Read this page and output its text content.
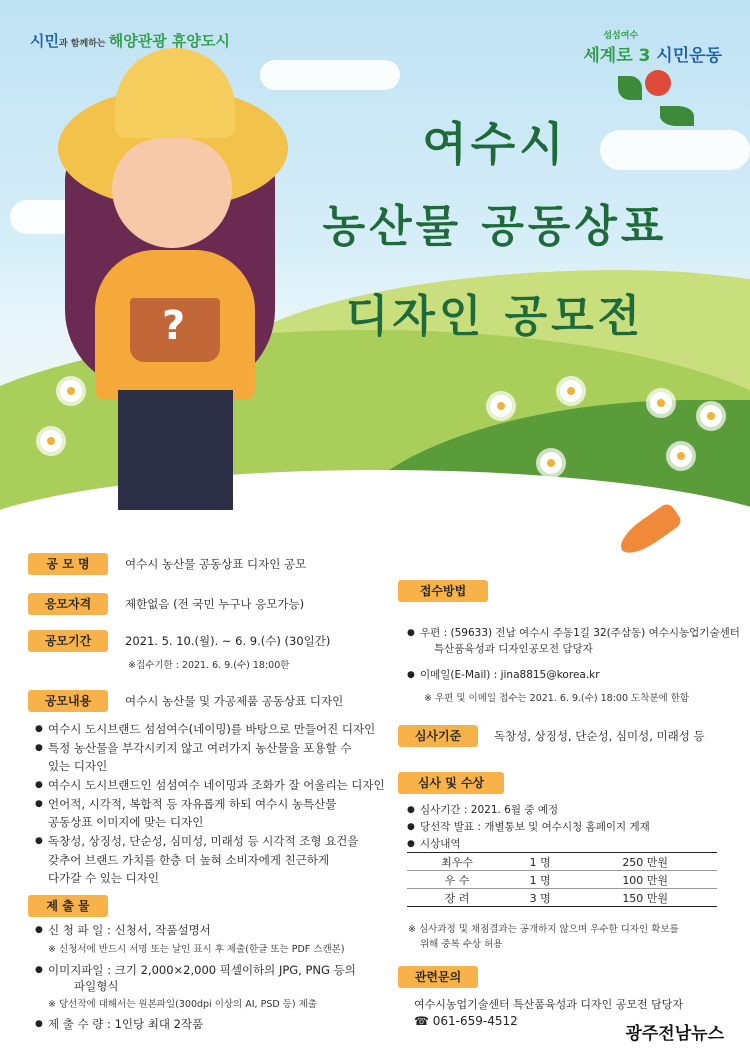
?
시민과 함께하는 해양관광 휴양도시	섬섬여수
세계로 3 시민운동
여수시
농산물 공동상표
디자인 공모전
공 모 명	여수시 농산물 공동상표 디자인 공모
응모자격	제한없음 (전 국민 누구나 응모가능)
공모기간	2021. 5. 10.(월). ~ 6. 9.(수) (30일간)
※접수기한 : 2021. 6. 9.(수) 18:00한
공모내용	여수시 농산물 및 가공제품 공동상표 디자인
● 여수시 도시브랜드 섬섬여수(네이밍)를 바탕으로 만들어진 디자인
● 특정 농산물을 부각시키지 않고 여러가지 농산물을 포용할 수
있는 디자인
● 여수시 도시브랜드인 섬섬여수 네이밍과 조화가 잘 어울리는 디자인
● 언어적, 시각적, 복합적 등 자유롭게 하되 여수시 농특산물
공동상표 이미지에 맞는 디자인
● 독창성, 상징성, 단순성, 심미성, 미래성 등 시각적 조형 요건을
갖추어 브랜드 가치를 한층 더 높혀 소비자에게 친근하게
다가갈 수 있는 디자인
제 출 물
● 신 청 파 일 : 신청서, 작품설명서
※ 신청서에 반드시 서명 또는 날인 표시 후 제출(한글 또는 PDF 스캔본)
● 이미지파일 : 크기 2,000×2,000 픽셀이하의 JPG, PNG 등의
파일형식
※ 당선작에 대해서는 원본파일(300dpi 이상의 AI, PSD 등) 제출
● 제 출 수 량 : 1인당 최대 2작품
접수방법
● 우편 : (59633) 전남 여수시 주동1길 32(주삼동) 여수시농업기술센터
특산품육성과 디자인공모전 담당자
● 이메일(E-Mail) : jina8815@korea.kr
※ 우편 및 이메일 접수는 2021. 6. 9.(수) 18:00 도착분에 한함
심사기준	독창성, 상징성, 단순성, 심미성, 미래성 등
심사 및 수상
● 심사기간 : 2021. 6월 중 예정
● 당선작 발표 : 개별통보 및 여수시청 홈페이지 게재
● 시상내역
최우수	1 명	250 만원
우 수	1 명	100 만원
장 려	3 명	150 만원
※ 심사과정 및 채점결과는 공개하지 않으며 우수한 디자인 확보를
위해 중복 수상 허용
관련문의
여수시농업기술센터 특산품육성과 디자인 공모전 담당자
☎ 061-659-4512
광주전남뉴스
